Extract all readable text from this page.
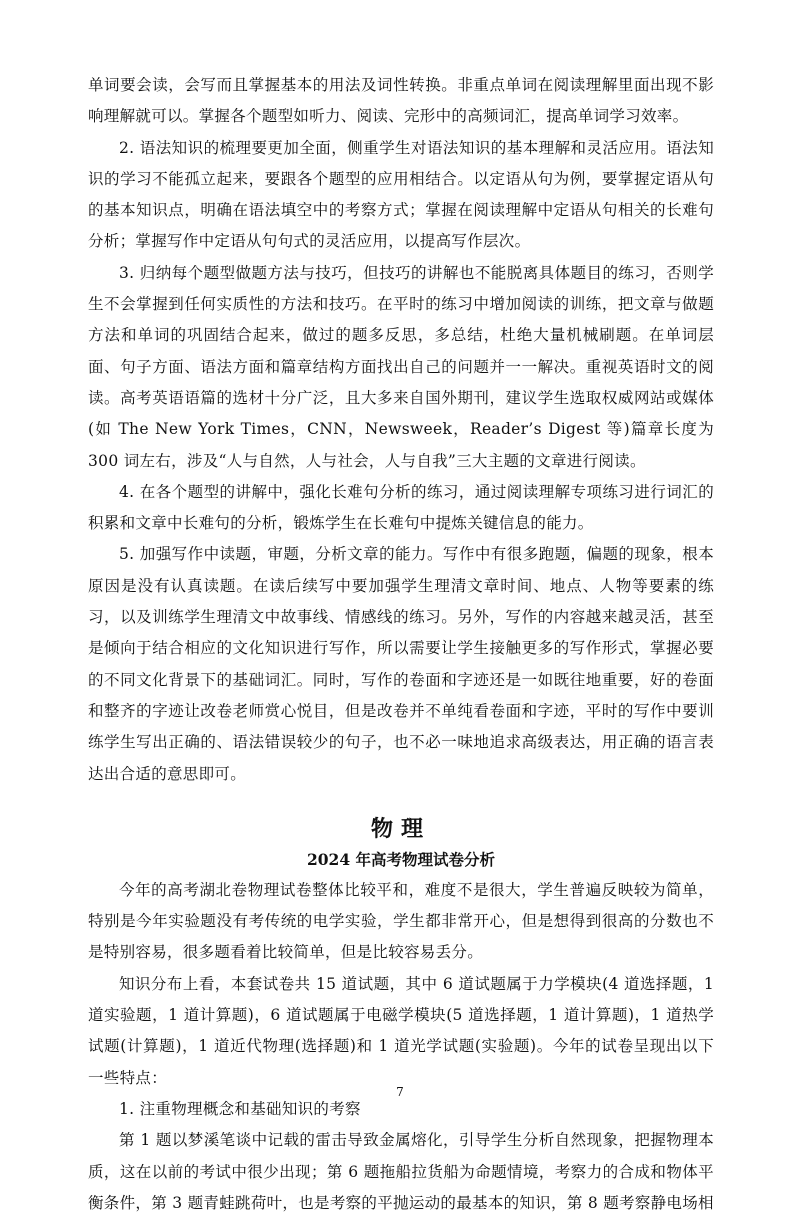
单词要会读，会写而且掌握基本的用法及词性转换。非重点单词在阅读理解里面出现不影响理解就可以。掌握各个题型如听力、阅读、完形中的高频词汇，提高单词学习效率。

2. 语法知识的梳理要更加全面，侧重学生对语法知识的基本理解和灵活应用。语法知识的学习不能孤立起来，要跟各个题型的应用相结合。以定语从句为例，要掌握定语从句的基本知识点，明确在语法填空中的考察方式；掌握在阅读理解中定语从句相关的长难句分析；掌握写作中定语从句句式的灵活应用，以提高写作层次。

3. 归纳每个题型做题方法与技巧，但技巧的讲解也不能脱离具体题目的练习，否则学生不会掌握到任何实质性的方法和技巧。在平时的练习中增加阅读的训练，把文章与做题方法和单词的巩固结合起来，做过的题多反思，多总结，杜绝大量机械刷题。在单词层面、句子方面、语法方面和篇章结构方面找出自己的问题并一一解决。重视英语时文的阅读。高考英语语篇的选材十分广泛，且大多来自国外期刊，建议学生选取权威网站或媒体(如 The New York Times，CNN，Newsweek，Reader’s Digest 等)篇章长度为 300 词左右，涉及“人与自然，人与社会，人与自我”三大主题的文章进行阅读。

4. 在各个题型的讲解中，强化长难句分析的练习，通过阅读理解专项练习进行词汇的积累和文章中长难句的分析，锻炼学生在长难句中提炼关键信息的能力。

5. 加强写作中读题，审题，分析文章的能力。写作中有很多跑题，偏题的现象，根本原因是没有认真读题。在读后续写中要加强学生理清文章时间、地点、人物等要素的练习，以及训练学生理清文中故事线、情感线的练习。另外，写作的内容越来越灵活，甚至是倾向于结合相应的文化知识进行写作，所以需要让学生接触更多的写作形式，掌握必要的不同文化背景下的基础词汇。同时，写作的卷面和字迹还是一如既往地重要，好的卷面和整齐的字迹让改卷老师赏心悦目，但是改卷并不单纯看卷面和字迹，平时的写作中要训练学生写出正确的、语法错误较少的句子，也不必一味地追求高级表达，用正确的语言表达出合适的意思即可。

物理
2024 年高考物理试卷分析

今年的高考湖北卷物理试卷整体比较平和，难度不是很大，学生普遍反映较为简单，特别是今年实验题没有考传统的电学实验，学生都非常开心，但是想得到很高的分数也不是特别容易，很多题看着比较简单，但是比较容易丢分。

知识分布上看，本套试卷共 15 道试题，其中 6 道试题属于力学模块(4 道选择题，1 道实验题，1 道计算题)，6 道试题属于电磁学模块(5 道选择题，1 道计算题)，1 道热学试题(计算题)，1 道近代物理(选择题)和 1 道光学试题(实验题)。今年的试卷呈现出以下一些特点：

1. 注重物理概念和基础知识的考察

第 1 题以梦溪笔谈中记载的雷击导致金属熔化，引导学生分析自然现象，把握物理本质，这在以前的考试中很少出现；第 6 题拖船拉货船为命题情境，考察力的合成和物体平衡条件，第 3 题青蛙跳荷叶，也是考察的平抛运动的最基本的知识，第 8 题考察静电场相

7
